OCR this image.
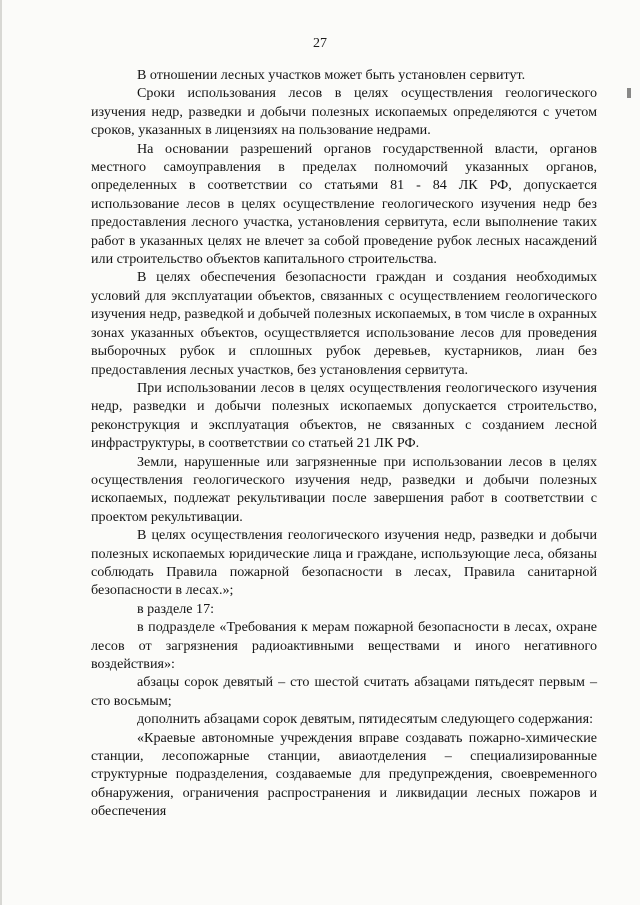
27

В отношении лесных участков может быть установлен сервитут.

Сроки использования лесов в целях осуществления геологического изучения недр, разведки и добычи полезных ископаемых определяются с учетом сроков, указанных в лицензиях на пользование недрами.

На основании разрешений органов государственной власти, органов местного самоуправления в пределах полномочий указанных органов, определенных в соответствии со статьями 81 - 84 ЛК РФ, допускается использование лесов в целях осуществление геологического изучения недр без предоставления лесного участка, установления сервитута, если выполнение таких работ в указанных целях не влечет за собой проведение рубок лесных насаждений или строительство объектов капитального строительства.

В целях обеспечения безопасности граждан и создания необходимых условий для эксплуатации объектов, связанных с осуществлением геологического изучения недр, разведкой и добычей полезных ископаемых, в том числе в охранных зонах указанных объектов, осуществляется использование лесов для проведения выборочных рубок и сплошных рубок деревьев, кустарников, лиан без предоставления лесных участков, без установления сервитута.

При использовании лесов в целях осуществления геологического изучения недр, разведки и добычи полезных ископаемых допускается строительство, реконструкция и эксплуатация объектов, не связанных с созданием лесной инфраструктуры, в соответствии со статьей 21 ЛК РФ.

Земли, нарушенные или загрязненные при использовании лесов в целях осуществления геологического изучения недр, разведки и добычи полезных ископаемых, подлежат рекультивации после завершения работ в соответствии с проектом рекультивации.

В целях осуществления геологического изучения недр, разведки и добычи полезных ископаемых юридические лица и граждане, использующие леса, обязаны соблюдать Правила пожарной безопасности в лесах, Правила санитарной безопасности в лесах.»;

в разделе 17:

в подразделе «Требования к мерам пожарной безопасности в лесах, охране лесов от загрязнения радиоактивными веществами и иного негативного воздействия»:

абзацы сорок девятый – сто шестой считать абзацами пятьдесят первым – сто восьмым;

дополнить абзацами сорок девятым, пятидесятым следующего содержания:

«Краевые автономные учреждения вправе создавать пожарно-химические станции, лесопожарные станции, авиаотделения – специализированные структурные подразделения, создаваемые для предупреждения, своевременного обнаружения, ограничения распространения и ликвидации лесных пожаров и обеспечения
